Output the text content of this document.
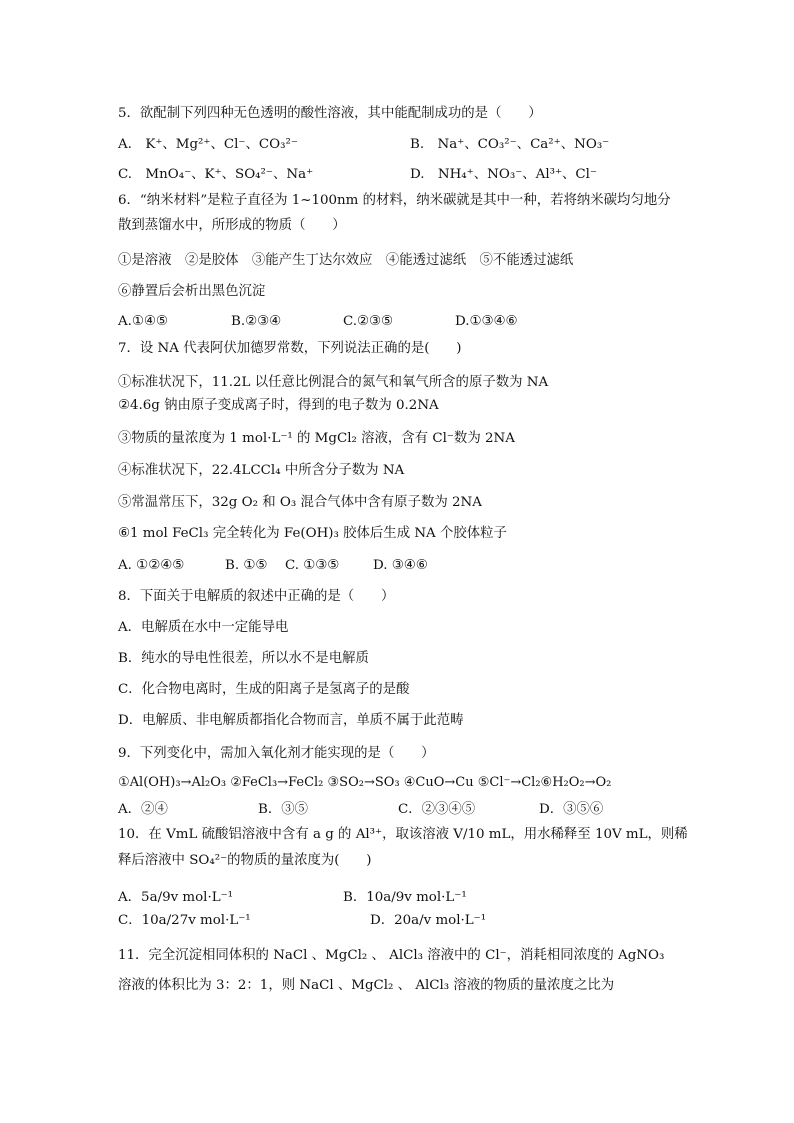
5．欲配制下列四种无色透明的酸性溶液，其中能配制成功的是（　　）
A.　K⁺、Mg²⁺、Cl⁻、CO₃²⁻	B.　Na⁺、CO₃²⁻、Ca²⁺、NO₃⁻
C.　MnO₄⁻、K⁺、SO₄²⁻、Na⁺	D.　NH₄⁺、NO₃⁻、Al³⁺、Cl⁻
6．“纳米材料”是粒子直径为 1~100nm 的材料，纳米碳就是其中一种，若将纳米碳均匀地分
散到蒸馏水中，所形成的物质（　　）
①是溶液　②是胶体　③能产生丁达尔效应　④能透过滤纸　⑤不能透过滤纸
⑥静置后会析出黑色沉淀
A.①④⑤	B.②③④	C.②③⑤	D.①③④⑥
7．设 NA 代表阿伏加德罗常数，下列说法正确的是(　　)
①标准状况下，11.2L 以任意比例混合的氮气和氧气所含的原子数为 NA
②4.6g 钠由原子变成离子时，得到的电子数为 0.2NA
③物质的量浓度为 1 mol·L⁻¹ 的 MgCl₂ 溶液，含有 Cl⁻数为 2NA
④标准状况下，22.4LCCl₄ 中所含分子数为 NA
⑤常温常压下，32g O₂ 和 O₃ 混合气体中含有原子数为 2NA
⑥1 mol FeCl₃ 完全转化为 Fe(OH)₃ 胶体后生成 NA 个胶体粒子
A. ①②④⑤	B. ①⑤ C. ①③⑤	D. ③④⑥
8．下面关于电解质的叙述中正确的是（　　）
A．电解质在水中一定能导电
B．纯水的导电性很差，所以水不是电解质
C．化合物电离时，生成的阳离子是氢离子的是酸
D．电解质、非电解质都指化合物而言，单质不属于此范畴
9．下列变化中，需加入氧化剂才能实现的是（　　）
①Al(OH)₃→Al₂O₃ ②FeCl₃→FeCl₂ ③SO₂→SO₃ ④CuO→Cu ⑤Cl⁻→Cl₂⑥H₂O₂→O₂
A．②④	B．③⑤	C．②③④⑤	D．③⑤⑥
10．在 VmL 硫酸铝溶液中含有 a g 的 Al³⁺，取该溶液 V/10 mL，用水稀释至 10V mL，则稀
释后溶液中 SO₄²⁻的物质的量浓度为(　　)
A．5a/9v mol·L⁻¹	B．10a/9v mol·L⁻¹
C．10a/27v mol·L⁻¹	D．20a/v mol·L⁻¹
11．完全沉淀相同体积的 NaCl 、MgCl₂ 、 AlCl₃ 溶液中的 Cl⁻，消耗相同浓度的 AgNO₃
溶液的体积比为 3：2：1，则 NaCl 、MgCl₂ 、 AlCl₃ 溶液的物质的量浓度之比为
